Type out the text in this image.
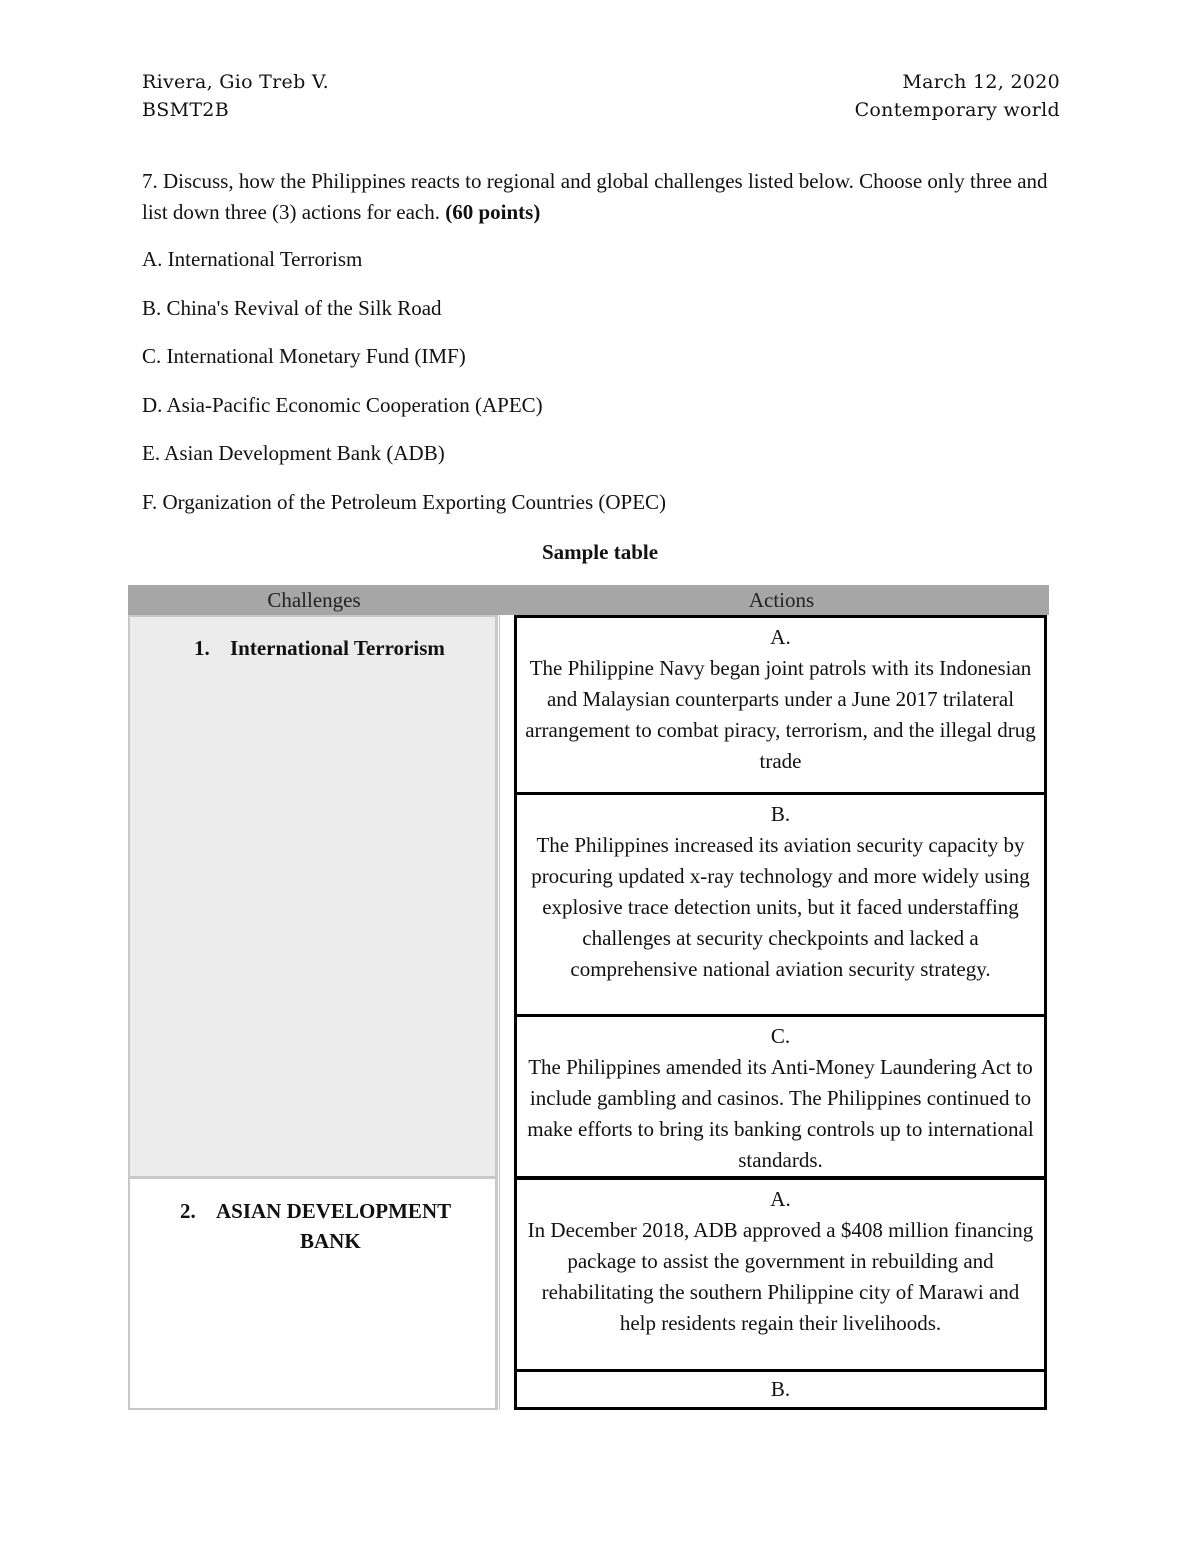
Rivera, Gio Treb V.
BSMT2B
March 12, 2020
Contemporary world
7. Discuss, how the Philippines reacts to regional and global challenges listed below. Choose only three and list down three (3) actions for each. (60 points)
A. International Terrorism
B. China's Revival of the Silk Road
C. International Monetary Fund (IMF)
D. Asia-Pacific Economic Cooperation (APEC)
E. Asian Development Bank (ADB)
F. Organization of the Petroleum Exporting Countries (OPEC)
Sample table
Challenges	Actions
1. International Terrorism
2. ASIAN DEVELOPMENT
BANK
A.
The Philippine Navy began joint patrols with its Indonesian and Malaysian counterparts under a June 2017 trilateral arrangement to combat piracy, terrorism, and the illegal drug trade
B.
The Philippines increased its aviation security capacity by procuring updated x-ray technology and more widely using explosive trace detection units, but it faced understaffing challenges at security checkpoints and lacked a comprehensive national aviation security strategy.
C.
The Philippines amended its Anti-Money Laundering Act to include gambling and casinos. The Philippines continued to make efforts to bring its banking controls up to international standards.
A.
In December 2018, ADB approved a $408 million financing package to assist the government in rebuilding and rehabilitating the southern Philippine city of Marawi and help residents regain their livelihoods.
B.
